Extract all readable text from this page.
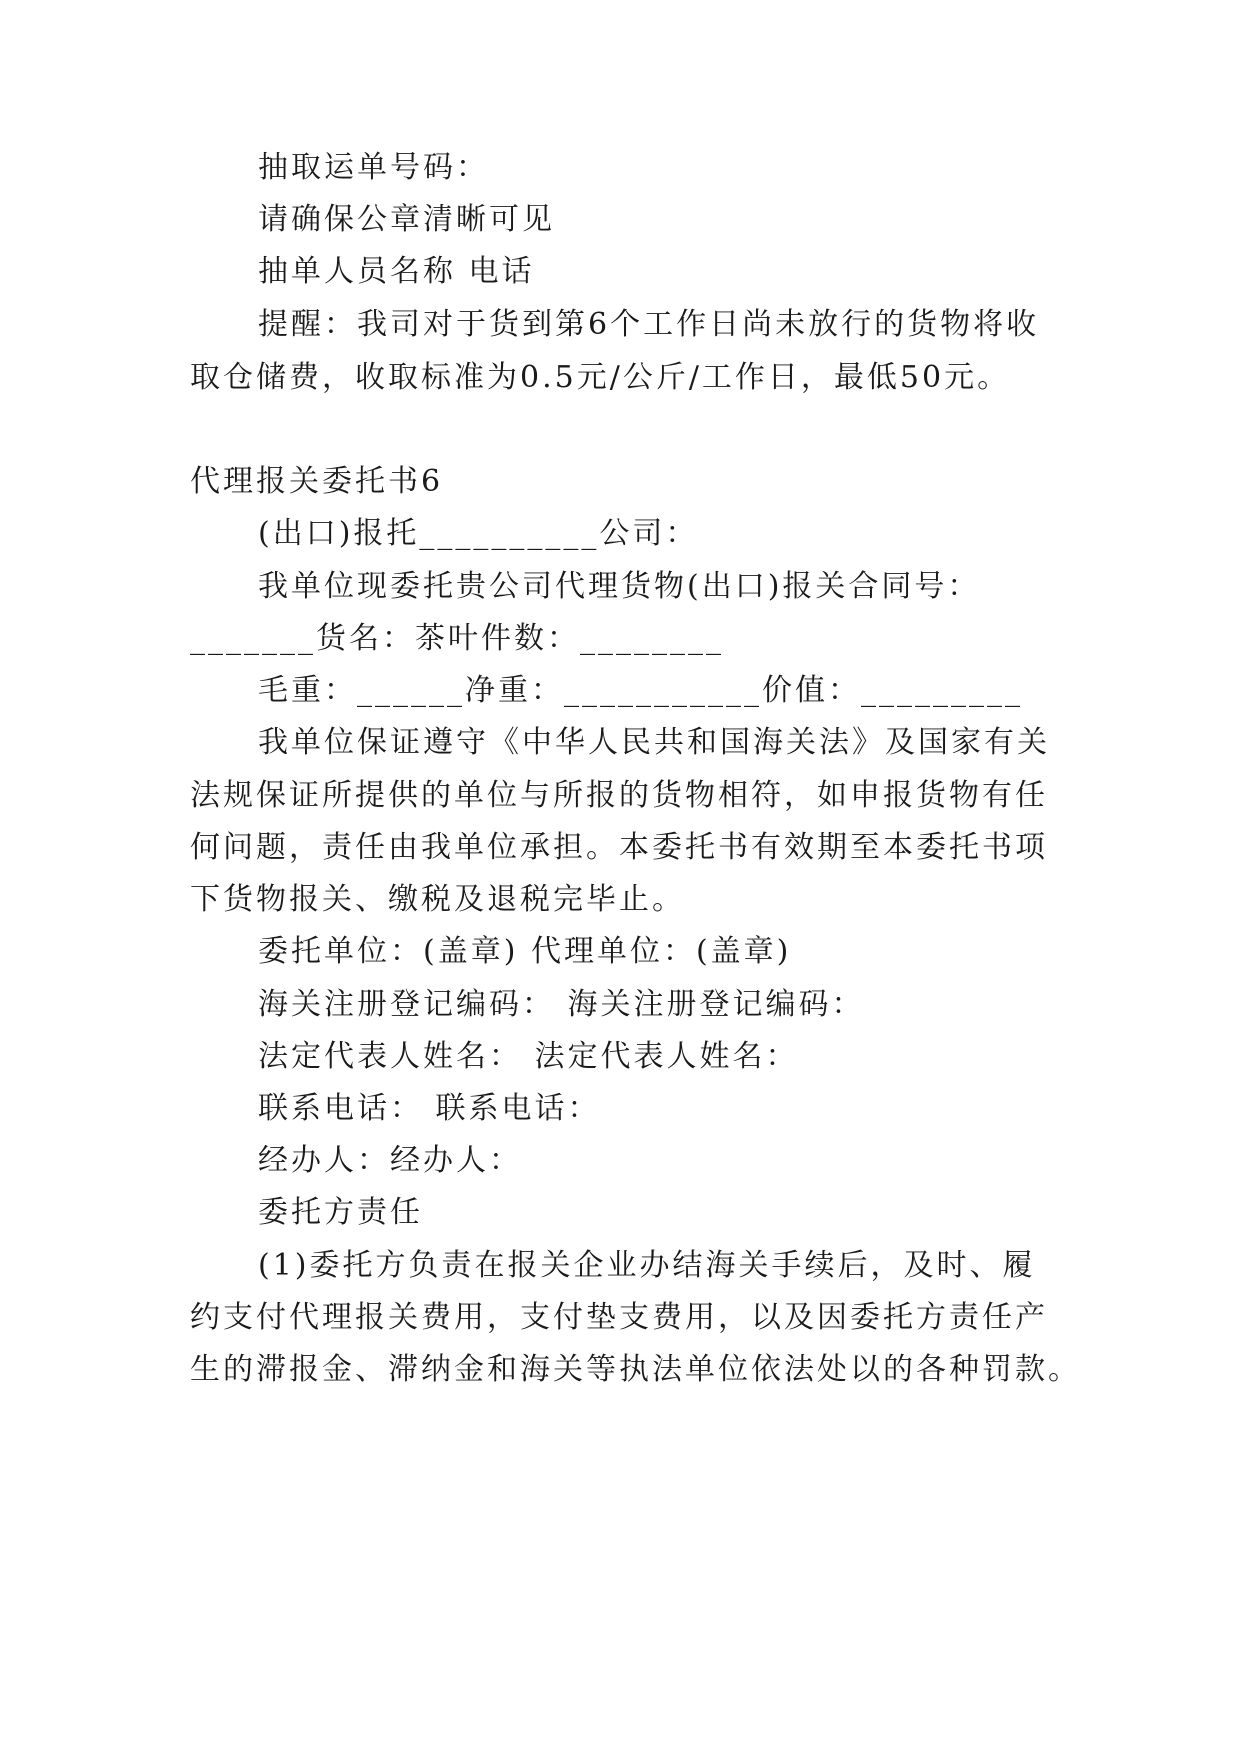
抽取运单号码：
请确保公章清晰可见
抽单人员名称 电话
提醒：我司对于货到第6个工作日尚未放行的货物将收
取仓储费，收取标准为0.5元/公斤/工作日，最低50元。
代理报关委托书6
(出口)报托__________公司：
我单位现委托贵公司代理货物(出口)报关合同号：
_______货名：茶叶件数：________
毛重：______净重：___________价值：_________
我单位保证遵守《中华人民共和国海关法》及国家有关
法规保证所提供的单位与所报的货物相符，如申报货物有任
何问题，责任由我单位承担。本委托书有效期至本委托书项
下货物报关、缴税及退税完毕止。
委托单位：(盖章) 代理单位：(盖章)
海关注册登记编码： 海关注册登记编码：
法定代表人姓名： 法定代表人姓名：
联系电话： 联系电话：
经办人：经办人：
委托方责任
(1)委托方负责在报关企业办结海关手续后，及时、履
约支付代理报关费用，支付垫支费用，以及因委托方责任产
生的滞报金、滞纳金和海关等执法单位依法处以的各种罚款。
